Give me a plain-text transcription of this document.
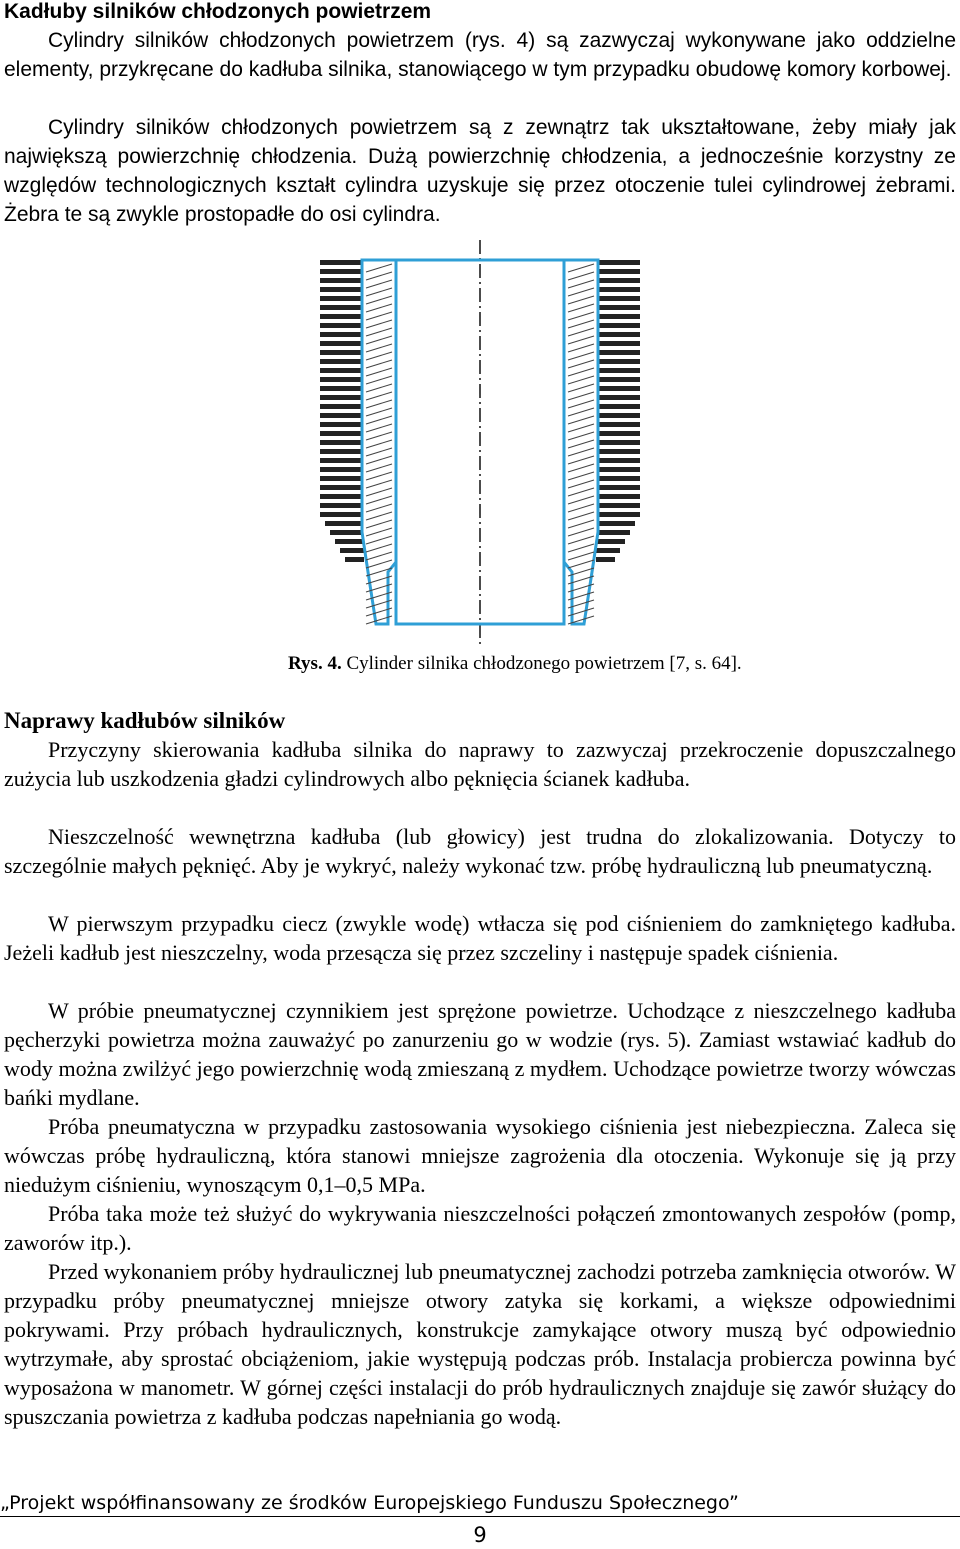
Kadłuby silników chłodzonych powietrzem

Cylindry silników chłodzonych powietrzem (rys. 4) są zazwyczaj wykonywane jako oddzielne elementy, przykręcane do kadłuba silnika, stanowiącego w tym przypadku obudowę komory korbowej.

Cylindry silników chłodzonych powietrzem są z zewnątrz tak ukształtowane, żeby miały jak największą powierzchnię chłodzenia. Dużą powierzchnię chłodzenia, a jednocześnie korzystny ze względów technologicznych kształt cylindra uzyskuje się przez otoczenie tulei cylindrowej żebrami. Żebra te są zwykle prostopadłe do osi cylindra.

Rys. 4. Cylinder silnika chłodzonego powietrzem [7, s. 64].
Naprawy kadłubów silników

Przyczyny skierowania kadłuba silnika do naprawy to zazwyczaj przekroczenie dopuszczalnego zużycia lub uszkodzenia gładzi cylindrowych albo pęknięcia ścianek kadłuba.

Nieszczelność wewnętrzna kadłuba (lub głowicy) jest trudna do zlokalizowania. Dotyczy to szczególnie małych pęknięć. Aby je wykryć, należy wykonać tzw. próbę hydrauliczną lub pneumatyczną.

W pierwszym przypadku ciecz (zwykle wodę) wtłacza się pod ciśnieniem do zamkniętego kadłuba. Jeżeli kadłub jest nieszczelny, woda przesącza się przez szczeliny i następuje spadek ciśnienia.

W próbie pneumatycznej czynnikiem jest sprężone powietrze. Uchodzące z nieszczelnego kadłuba pęcherzyki powietrza można zauważyć po zanurzeniu go w wodzie (rys. 5). Zamiast wstawiać kadłub do wody można zwilżyć jego powierzchnię wodą zmieszaną z mydłem. Uchodzące powietrze tworzy wówczas bańki mydlane.

Próba pneumatyczna w przypadku zastosowania wysokiego ciśnienia jest niebezpieczna. Zaleca się wówczas próbę hydrauliczną, która stanowi mniejsze zagrożenia dla otoczenia. Wykonuje się ją przy niedużym ciśnieniu, wynoszącym 0,1–0,5 MPa.

Próba taka może też służyć do wykrywania nieszczelności połączeń zmontowanych zespołów (pomp, zaworów itp.).

Przed wykonaniem próby hydraulicznej lub pneumatycznej zachodzi potrzeba zamknięcia otworów. W przypadku próby pneumatycznej mniejsze otwory zatyka się korkami, a większe odpowiednimi pokrywami. Przy próbach hydraulicznych, konstrukcje zamykające otwory muszą być odpowiednio wytrzymałe, aby sprostać obciążeniom, jakie występują podczas prób. Instalacja probiercza powinna być wyposażona w manometr. W górnej części instalacji do prób hydraulicznych znajduje się zawór służący do spuszczania powietrza z kadłuba podczas napełniania go wodą.

„Projekt współfinansowany ze środków Europejskiego Funduszu Społecznego”
9
